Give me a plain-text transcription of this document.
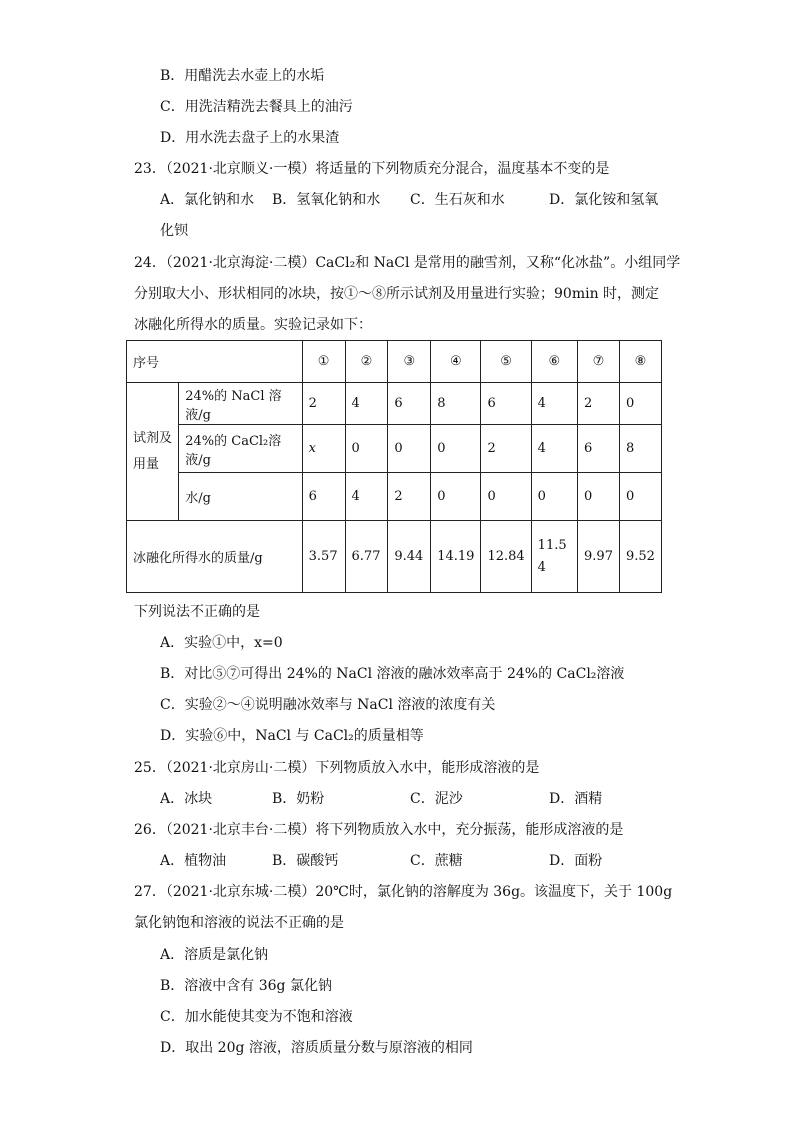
B．用醋洗去水壶上的水垢
C．用洗洁精洗去餐具上的油污
D．用水洗去盘子上的水果渣
23．（2021·北京顺义·一模）将适量的下列物质充分混合，温度基本不变的是
A．氯化钠和水 B．氢氧化钠和水 C．生石灰和水	D．氯化铵和氢氧
化钡
24．（2021·北京海淀·二模）CaCl₂和 NaCl 是常用的融雪剂，又称“化冰盐”。小组同学
分别取大小、形状相同的冰块，按①～⑧所示试剂及用量进行实验；90min 时，测定
冰融化所得水的质量。实验记录如下：
序号		①	②	③	④	⑤	⑥	⑦	⑧

试剂及
用量	24%的 NaCl 溶液/g	2	4	6	8	6	4	2	0
	24%的 CaCl₂溶液/g	x	0	0	0	2	4	6	8
	水/g	6	4	2	0	0	0	0	0
冰融化所得水的质量/g		3.57	6.77	9.44	14.19	12.84	11.5 4	9.97	9.52
下列说法不正确的是
A．实验①中，x=0
B．对比⑤⑦可得出 24%的 NaCl 溶液的融冰效率高于 24%的 CaCl₂溶液
C．实验②～④说明融冰效率与 NaCl 溶液的浓度有关
D．实验⑥中，NaCl 与 CaCl₂的质量相等
25．（2021·北京房山·二模）下列物质放入水中，能形成溶液的是
A．冰块	B．奶粉	C．泥沙	D．酒精
26．（2021·北京丰台·二模）将下列物质放入水中，充分振荡，能形成溶液的是
A．植物油	B．碳酸钙	C．蔗糖	D．面粉
27．（2021·北京东城·二模）20℃时，氯化钠的溶解度为 36g。该温度下，关于 100g
氯化钠饱和溶液的说法不正确的是
A．溶质是氯化钠
B．溶液中含有 36g 氯化钠
C．加水能使其变为不饱和溶液
D．取出 20g 溶液，溶质质量分数与原溶液的相同
